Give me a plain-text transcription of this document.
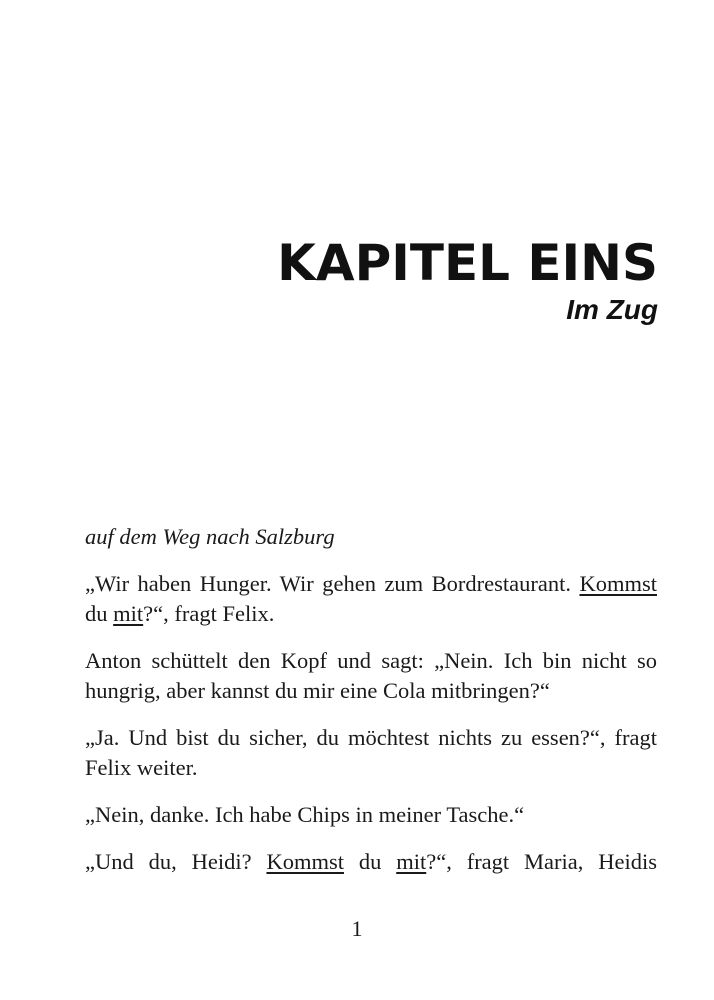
KAPITEL EINS
Im Zug

auf dem Weg nach Salzburg

„Wir haben Hunger. Wir gehen zum Bordrestaurant. Kommst du mit?“, fragt Felix.

Anton schüttelt den Kopf und sagt: „Nein. Ich bin nicht so hungrig, aber kannst du mir eine Cola mitbringen?“

„Ja. Und bist du sicher, du möchtest nichts zu essen?“, fragt Felix weiter.

„Nein, danke. Ich habe Chips in meiner Tasche.“

„Und du, Heidi? Kommst du mit?“, fragt Maria, Heidis

1
